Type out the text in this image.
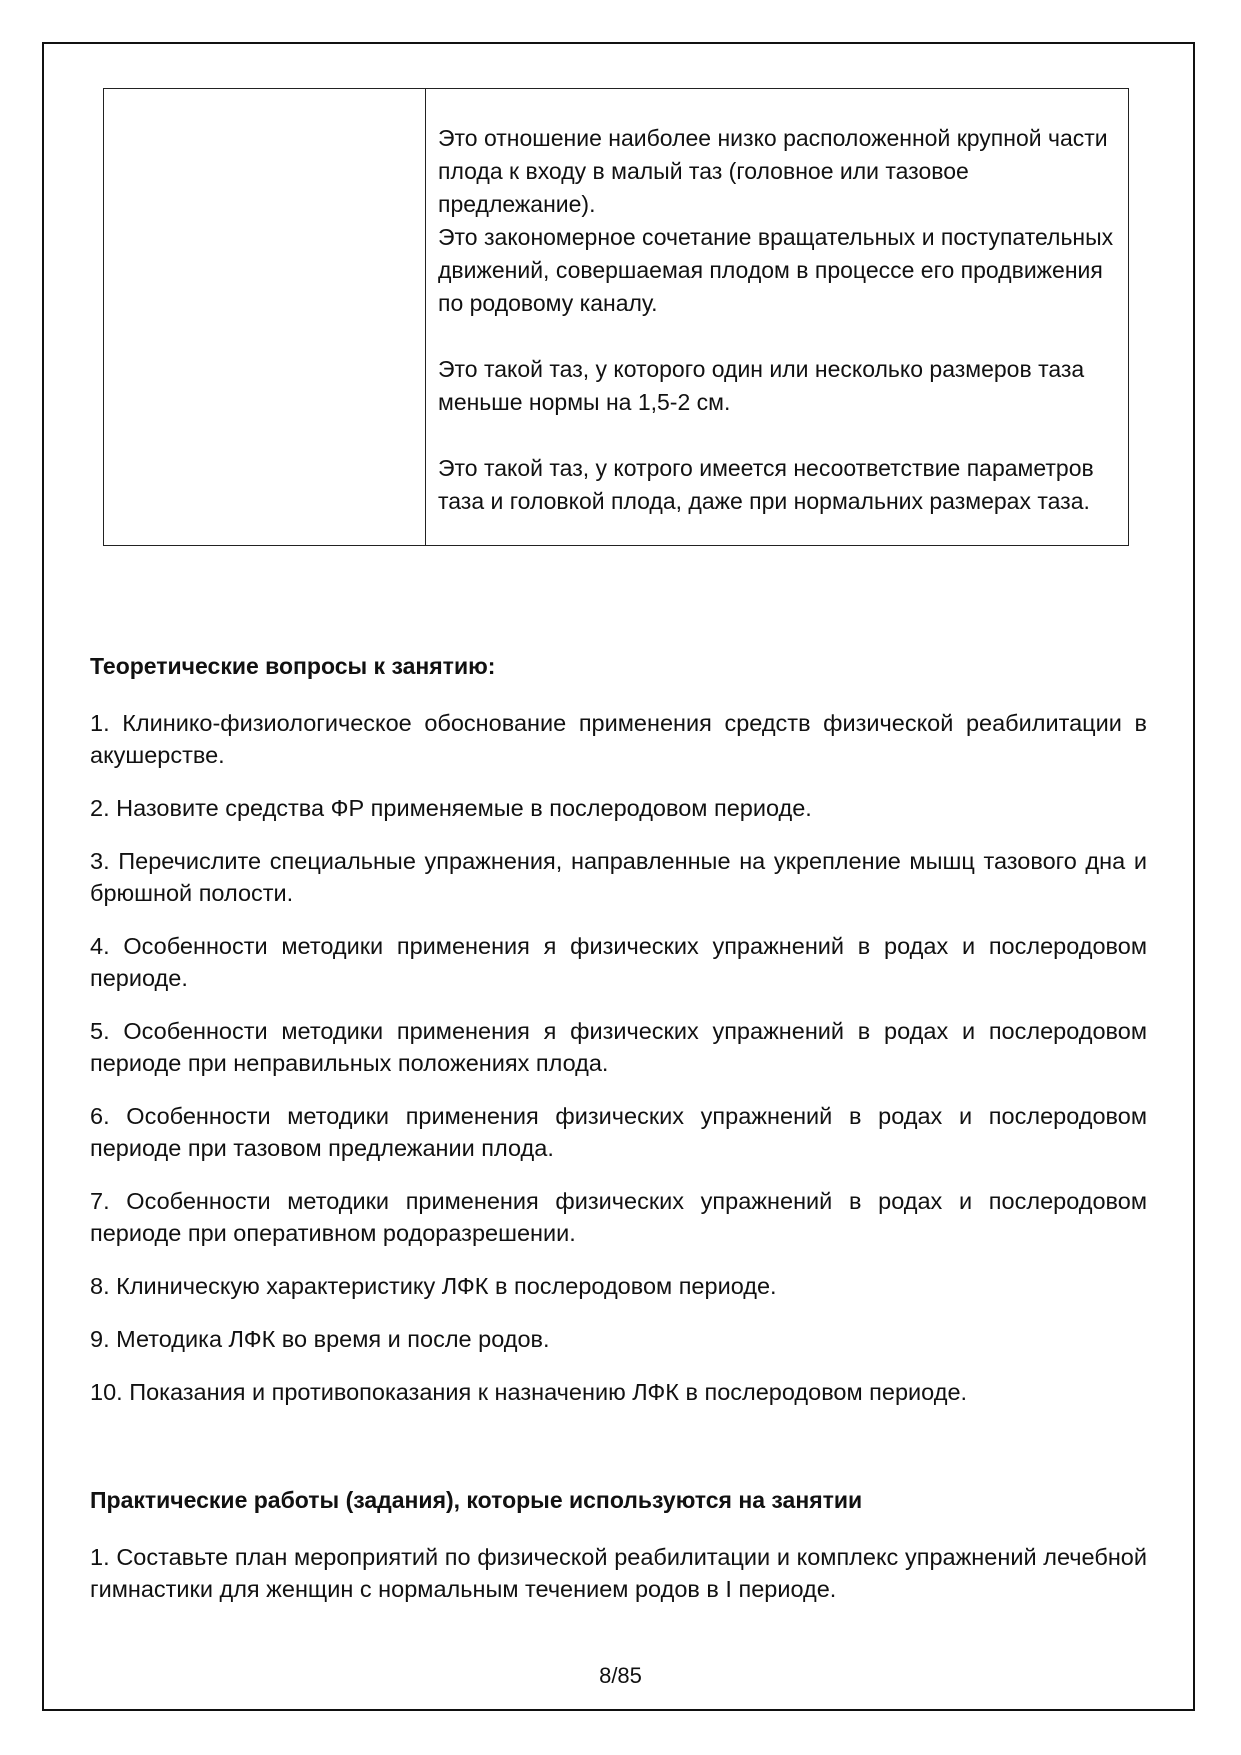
Это отношение наиболее низко расположенной крупной части плода к входу в малый таз (головное или тазовое предлежание).

Это закономерное сочетание вращательных и поступательных движений, совершаемая плодом в процессе его продвижения по родовому каналу.

Это такой таз, у которого один или несколько размеров таза меньше нормы на 1,5-2 см.

Это такой таз, у котрого имеется несоответствие параметров таза и головкой плода, даже при нормальних размерах таза.

Теоретические вопросы к занятию:

1. Клинико-физиологическое обоснование применения средств физической реабилитации в акушерстве.

2. Назовите средства ФР применяемые в послеродовом периоде.

3. Перечислите специальные упражнения, направленные на укрепление мышц тазового дна и брюшной полости.

4. Особенности методики применения я физических упражнений в родах и послеродовом периоде.

5. Особенности методики применения я физических упражнений в родах и послеродовом периоде при неправильных положениях плода.

6. Особенности методики применения физических упражнений в родах и послеродовом периоде при тазовом предлежании плода.

7. Особенности методики применения физических упражнений в родах и послеродовом периоде при оперативном родоразрешении.

8. Клиническую характеристику ЛФК в послеродовом периоде.

9. Методика ЛФК во время и после родов.

10. Показания и противопоказания к назначению ЛФК в послеродовом периоде.

Практические работы (задания), которые используются на занятии

1. Составьте план мероприятий по физической реабилитации и комплекс упражнений лечебной гимнастики для женщин с нормальным течением родов в I периоде.

8/85
